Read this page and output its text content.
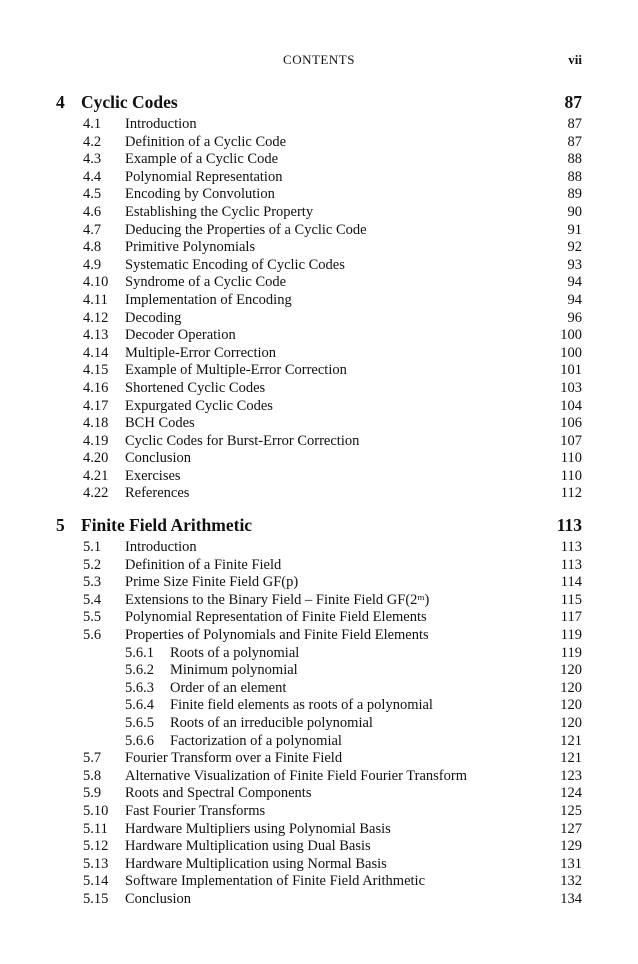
CONTENTS	vii
4 Cyclic Codes	87
4.1 Introduction	87
4.2 Definition of a Cyclic Code	87
4.3 Example of a Cyclic Code	88
4.4 Polynomial Representation	88
4.5 Encoding by Convolution	89
4.6 Establishing the Cyclic Property	90
4.7 Deducing the Properties of a Cyclic Code	91
4.8 Primitive Polynomials	92
4.9 Systematic Encoding of Cyclic Codes	93
4.10 Syndrome of a Cyclic Code	94
4.11 Implementation of Encoding	94
4.12 Decoding	96
4.13 Decoder Operation	100
4.14 Multiple-Error Correction	100
4.15 Example of Multiple-Error Correction	101
4.16 Shortened Cyclic Codes	103
4.17 Expurgated Cyclic Codes	104
4.18 BCH Codes	106
4.19 Cyclic Codes for Burst-Error Correction	107
4.20 Conclusion	110
4.21 Exercises	110
4.22 References	112
5 Finite Field Arithmetic	113
5.1 Introduction	113
5.2 Definition of a Finite Field	113
5.3 Prime Size Finite Field GF(p)	114
5.4 Extensions to the Binary Field – Finite Field GF(2ᵐ)	115
5.5 Polynomial Representation of Finite Field Elements	117
5.6 Properties of Polynomials and Finite Field Elements	119
5.6.1 Roots of a polynomial	119
5.6.2 Minimum polynomial	120
5.6.3 Order of an element	120
5.6.4 Finite field elements as roots of a polynomial	120
5.6.5 Roots of an irreducible polynomial	120
5.6.6 Factorization of a polynomial	121
5.7 Fourier Transform over a Finite Field	121
5.8 Alternative Visualization of Finite Field Fourier Transform	123
5.9 Roots and Spectral Components	124
5.10 Fast Fourier Transforms	125
5.11 Hardware Multipliers using Polynomial Basis	127
5.12 Hardware Multiplication using Dual Basis	129
5.13 Hardware Multiplication using Normal Basis	131
5.14 Software Implementation of Finite Field Arithmetic	132
5.15 Conclusion	134
